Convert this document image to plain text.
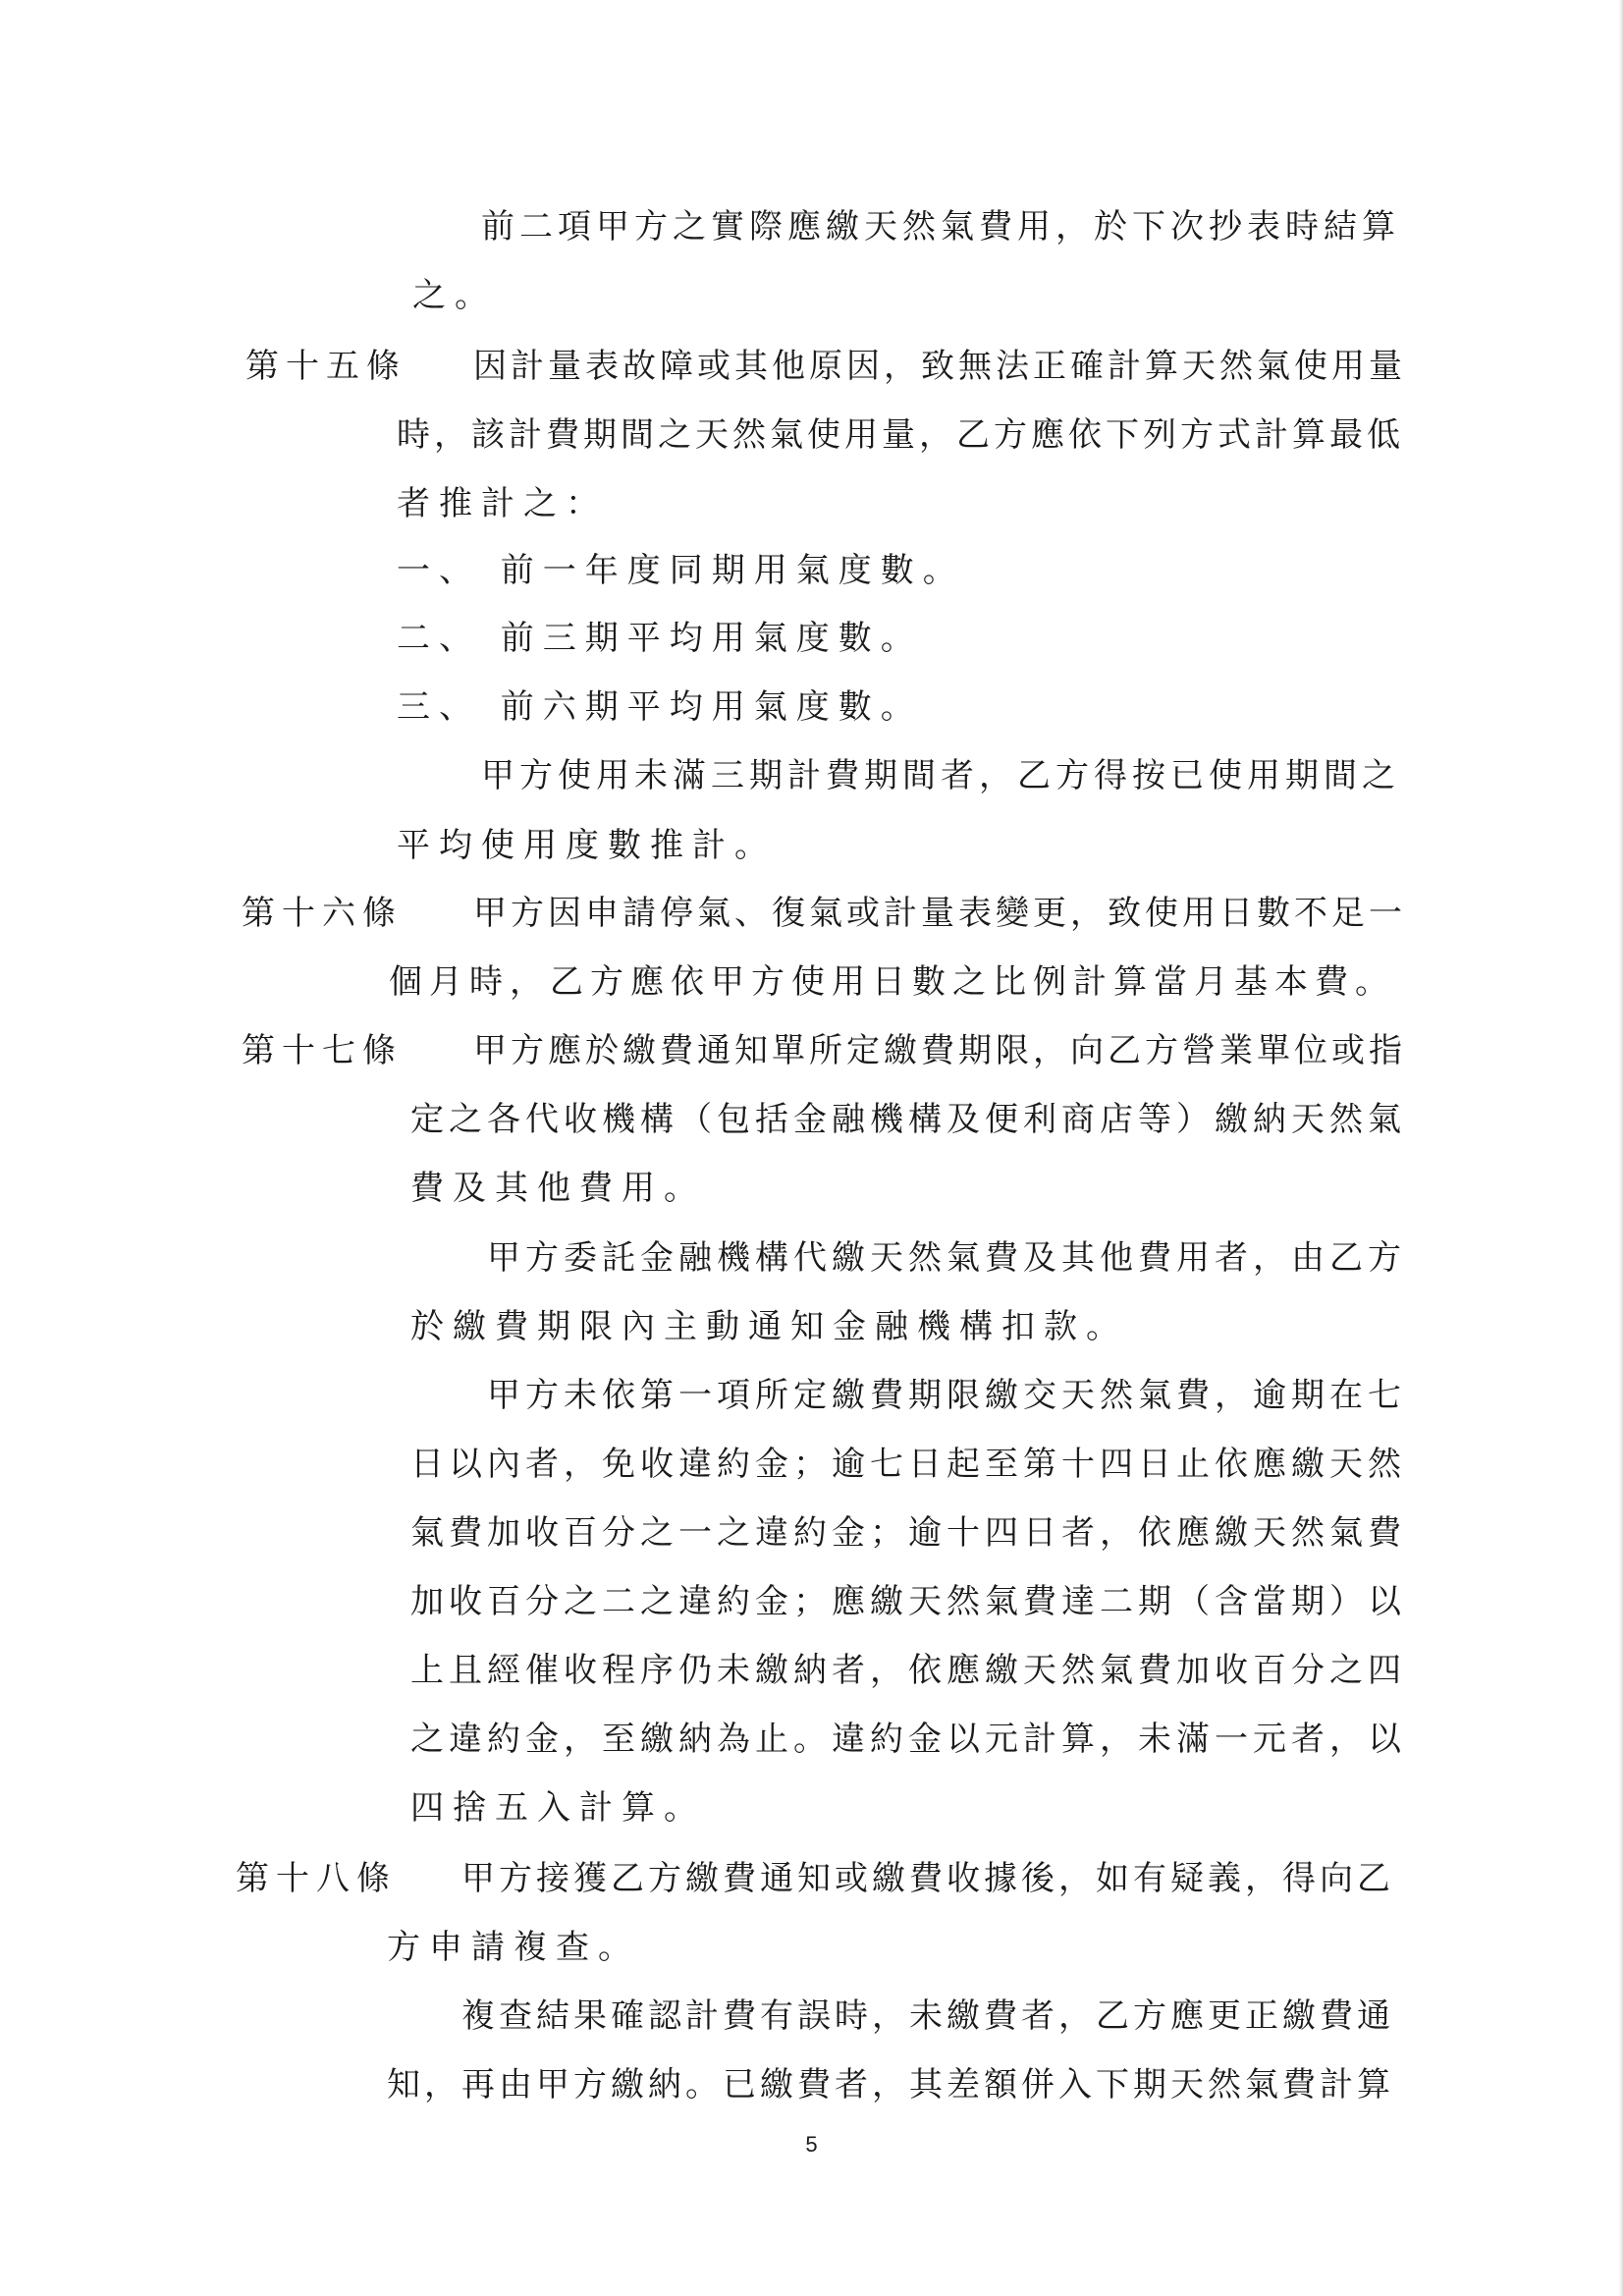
前二項甲方之實際應繳天然氣費用，於下次抄表時結算
之。
第十五條 因計量表故障或其他原因，致無法正確計算天然氣使用量
時，該計費期間之天然氣使用量，乙方應依下列方式計算最低
者推計之：
一、 前一年度同期用氣度數。
二、 前三期平均用氣度數。
三、 前六期平均用氣度數。
甲方使用未滿三期計費期間者，乙方得按已使用期間之
平均使用度數推計。
第十六條 甲方因申請停氣、復氣或計量表變更，致使用日數不足一
個月時，乙方應依甲方使用日數之比例計算當月基本費。
第十七條 甲方應於繳費通知單所定繳費期限，向乙方營業單位或指
定之各代收機構（包括金融機構及便利商店等）繳納天然氣
費及其他費用。
甲方委託金融機構代繳天然氣費及其他費用者，由乙方
於繳費期限內主動通知金融機構扣款。
甲方未依第一項所定繳費期限繳交天然氣費，逾期在七
日以內者，免收違約金；逾七日起至第十四日止依應繳天然
氣費加收百分之一之違約金；逾十四日者，依應繳天然氣費
加收百分之二之違約金；應繳天然氣費達二期（含當期）以
上且經催收程序仍未繳納者，依應繳天然氣費加收百分之四
之違約金，至繳納為止。違約金以元計算，未滿一元者，以
四捨五入計算。
第十八條 甲方接獲乙方繳費通知或繳費收據後，如有疑義，得向乙
方申請複查。
複查結果確認計費有誤時，未繳費者，乙方應更正繳費通
知，再由甲方繳納。已繳費者，其差額併入下期天然氣費計算
5
